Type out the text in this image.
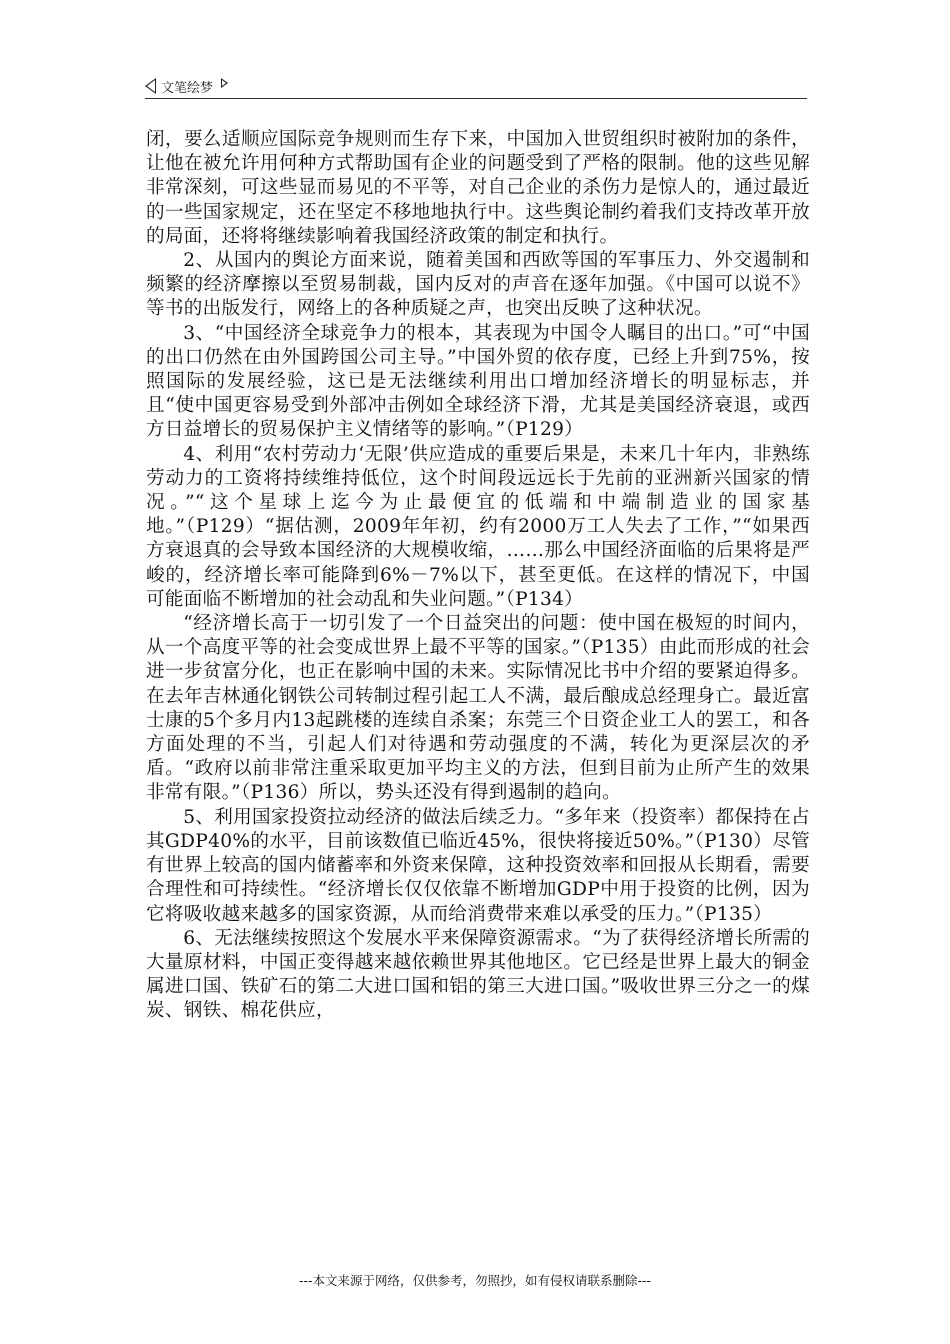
文笔绘梦

闭，要么适顺应国际竞争规则而生存下来，中国加入世贸组织时被附加的条件，让他在被允许用何种方式帮助国有企业的问题受到了严格的限制。他的这些见解非常深刻，可这些显而易见的不平等，对自己企业的杀伤力是惊人的，通过最近的一些国家规定，还在坚定不移地地执行中。这些舆论制约着我们支持改革开放的局面，还将将继续影响着我国经济政策的制定和执行。

2、从国内的舆论方面来说，随着美国和西欧等国的军事压力、外交遏制和频繁的经济摩擦以至贸易制裁，国内反对的声音在逐年加强。《中国可以说不》等书的出版发行，网络上的各种质疑之声，也突出反映了这种状况。

3、“中国经济全球竞争力的根本，其表现为中国令人瞩目的出口。”可“中国的出口仍然在由外国跨国公司主导。”中国外贸的依存度，已经上升到75%，按照国际的发展经验，这已是无法继续利用出口增加经济增长的明显标志，并且“使中国更容易受到外部冲击例如全球经济下滑，尤其是美国经济衰退，或西方日益增长的贸易保护主义情绪等的影响。”（P129）

4、利用“农村劳动力‘无限’供应造成的重要后果是，未来几十年内，非熟练劳动力的工资将持续维持低位，这个时间段远远长于先前的亚洲新兴国家的情况。”“这个星球上迄今为止最便宜的低端和中端制造业的国家基地。”（P129）“据估测，2009年年初，约有2000万工人失去了工作，”“如果西方衰退真的会导致本国经济的大规模收缩，……那么中国经济面临的后果将是严峻的，经济增长率可能降到6%－7%以下，甚至更低。在这样的情况下，中国可能面临不断增加的社会动乱和失业问题。”（P134）

“经济增长高于一切引发了一个日益突出的问题：使中国在极短的时间内，从一个高度平等的社会变成世界上最不平等的国家。”（P135）由此而形成的社会进一步贫富分化，也正在影响中国的未来。实际情况比书中介绍的要紧迫得多。在去年吉林通化钢铁公司转制过程引起工人不满，最后酿成总经理身亡。最近富士康的5个多月内13起跳楼的连续自杀案；东莞三个日资企业工人的罢工，和各方面处理的不当，引起人们对待遇和劳动强度的不满，转化为更深层次的矛盾。“政府以前非常注重采取更加平均主义的方法，但到目前为止所产生的效果非常有限。”（P136）所以，势头还没有得到遏制的趋向。

5、利用国家投资拉动经济的做法后续乏力。“多年来（投资率）都保持在占其GDP40%的水平，目前该数值已临近45%，很快将接近50%。”（P130）尽管有世界上较高的国内储蓄率和外资来保障，这种投资效率和回报从长期看，需要合理性和可持续性。“经济增长仅仅依靠不断增加GDP中用于投资的比例，因为它将吸收越来越多的国家资源，从而给消费带来难以承受的压力。”（P135）

6、无法继续按照这个发展水平来保障资源需求。“为了获得经济增长所需的大量原材料，中国正变得越来越依赖世界其他地区。它已经是世界上最大的铜金属进口国、铁矿石的第二大进口国和铝的第三大进口国。”吸收世界三分之一的煤炭、钢铁、棉花供应，

---本文来源于网络，仅供参考，勿照抄，如有侵权请联系删除---
